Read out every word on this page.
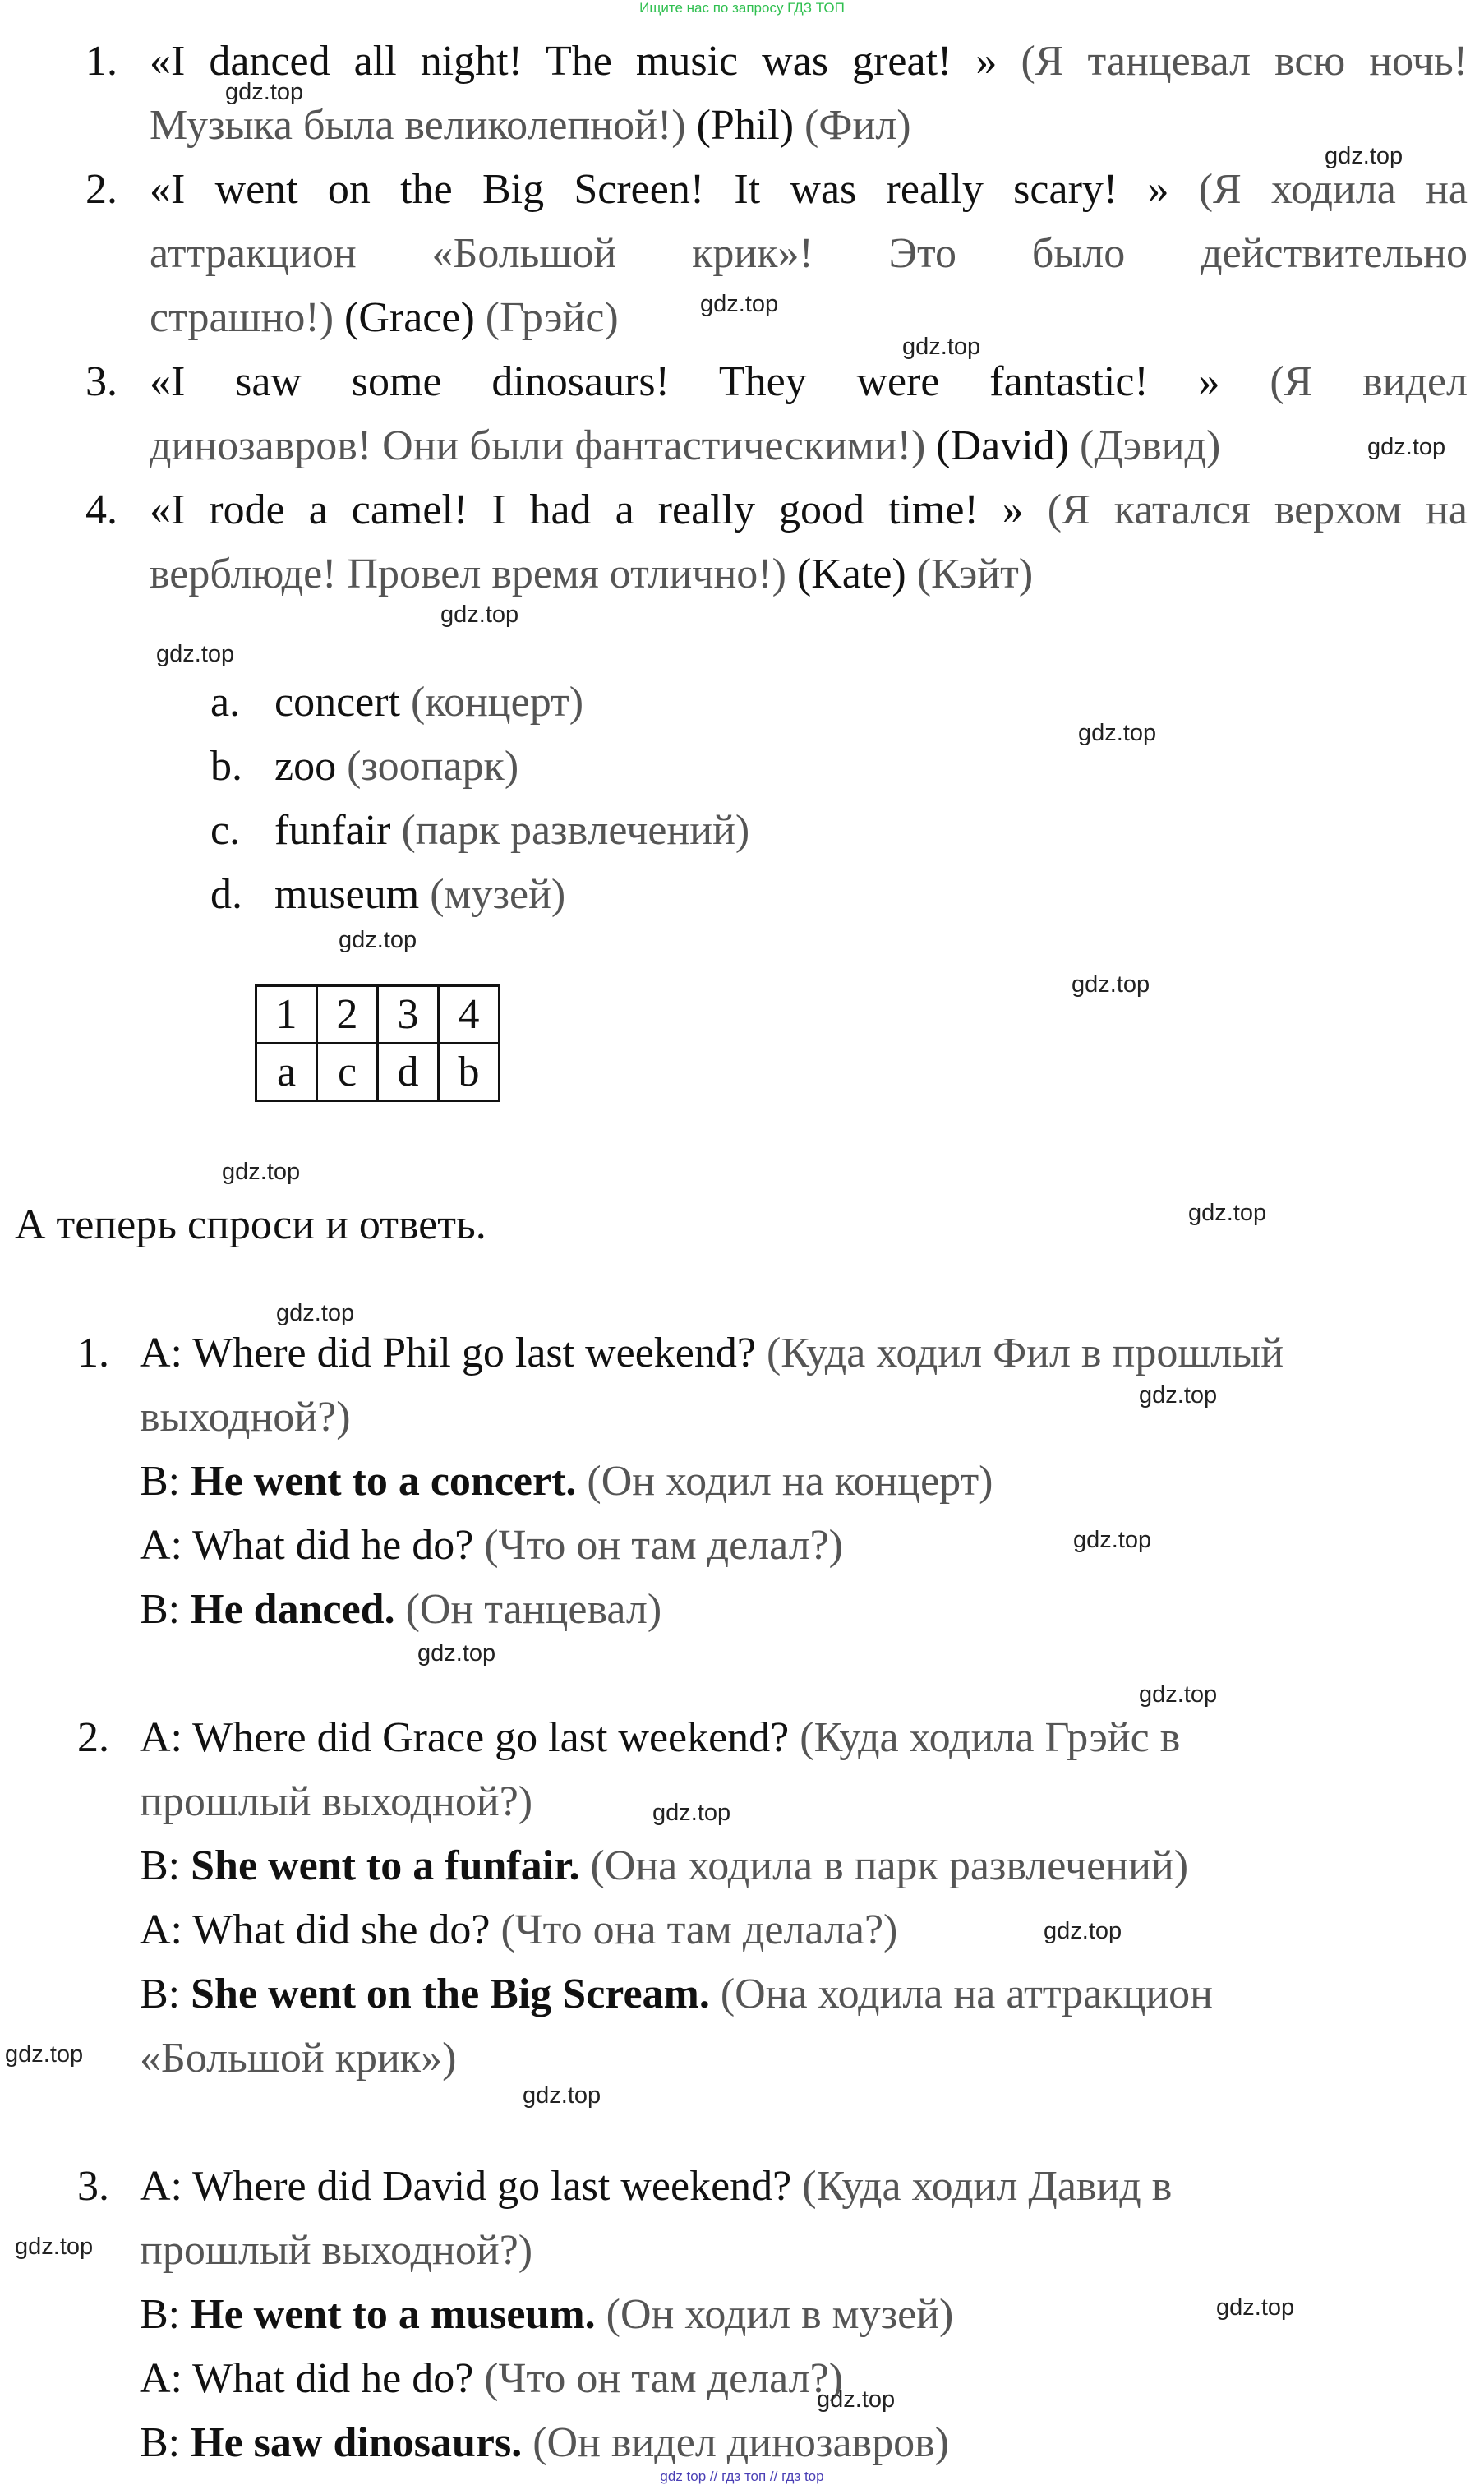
Ищите нас по запросу ГДЗ ТОП
1. «I danced all night! The music was great! » (Я танцевал всю ночь!
Музыка была великолепной!) (Phil) (Фил)
2. «I went on the Big Screen! It was really scary! » (Я ходила на
аттракцион «Большой крик»! Это было действительно
страшно!) (Grace) (Грэйс)
3. «I saw some dinosaurs! They were fantastic! » (Я видел
динозавров! Они были фантастическими!) (David) (Дэвид)
4. «I rode a camel! I had a really good time! » (Я катался верхом на
верблюде! Провел время отлично!) (Kate) (Кэйт)
a. concert (концерт)
b. zoo (зоопарк)
c. funfair (парк развлечений)
d. museum (музей)
1	2	3	4
a	c	d	b
А теперь спроси и ответь.
1. A: Where did Phil go last weekend? (Куда ходил Фил в прошлый
выходной?)
B: He went to a concert. (Он ходил на концерт)
A: What did he do? (Что он там делал?)
B: He danced. (Он танцевал)
2. A: Where did Grace go last weekend? (Куда ходила Грэйс в
прошлый выходной?)
B: She went to a funfair. (Она ходила в парк развлечений)
A: What did she do? (Что она там делала?)
B: She went on the Big Scream. (Она ходила на аттракцион
«Большой крик»)
3. A: Where did David go last weekend? (Куда ходил Давид в
прошлый выходной?)
B: He went to a museum. (Он ходил в музей)
A: What did he do? (Что он там делал?)
B: He saw dinosaurs. (Он видел динозавров)
gdz.top
gdz.top
gdz.top
gdz.top
gdz.top
gdz.top
gdz.top
gdz.top
gdz.top
gdz.top
gdz.top
gdz.top
gdz.top
gdz.top
gdz.top
gdz.top
gdz.top
gdz.top
gdz.top
gdz.top
gdz.top
gdz.top
gdz.top
gdz.top
gdz top // гдз топ // гдз top
